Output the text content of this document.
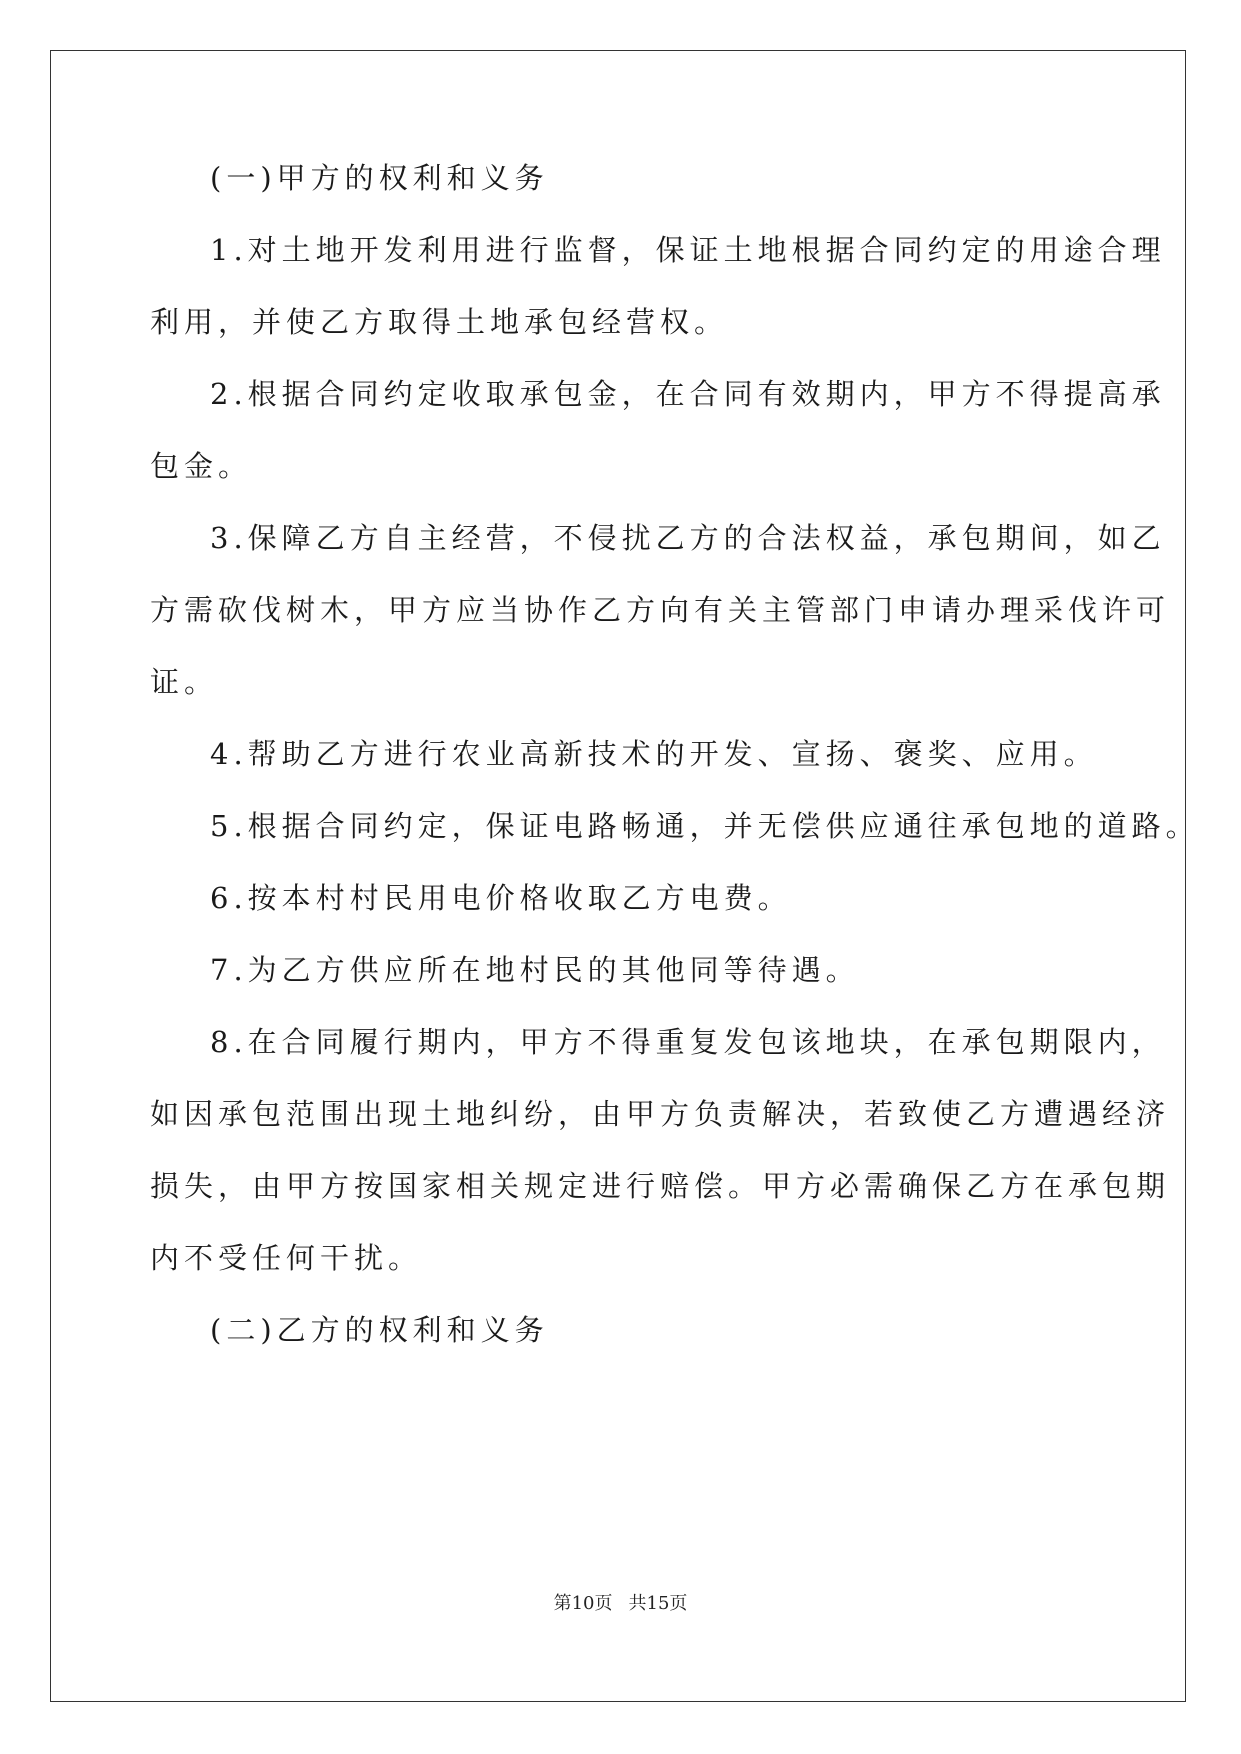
(一)甲方的权利和义务
1.对土地开发利用进行监督，保证土地根据合同约定的用途合理
利用，并使乙方取得土地承包经营权。
2.根据合同约定收取承包金，在合同有效期内，甲方不得提高承
包金。
3.保障乙方自主经营，不侵扰乙方的合法权益，承包期间，如乙
方需砍伐树木，甲方应当协作乙方向有关主管部门申请办理采伐许可
证。
4.帮助乙方进行农业高新技术的开发、宣扬、褒奖、应用。
5.根据合同约定，保证电路畅通，并无偿供应通往承包地的道路。
6.按本村村民用电价格收取乙方电费。
7.为乙方供应所在地村民的其他同等待遇。
8.在合同履行期内，甲方不得重复发包该地块，在承包期限内，
如因承包范围出现土地纠纷，由甲方负责解决，若致使乙方遭遇经济
损失，由甲方按国家相关规定进行赔偿。甲方必需确保乙方在承包期
内不受任何干扰。
(二)乙方的权利和义务
第10页 共15页
